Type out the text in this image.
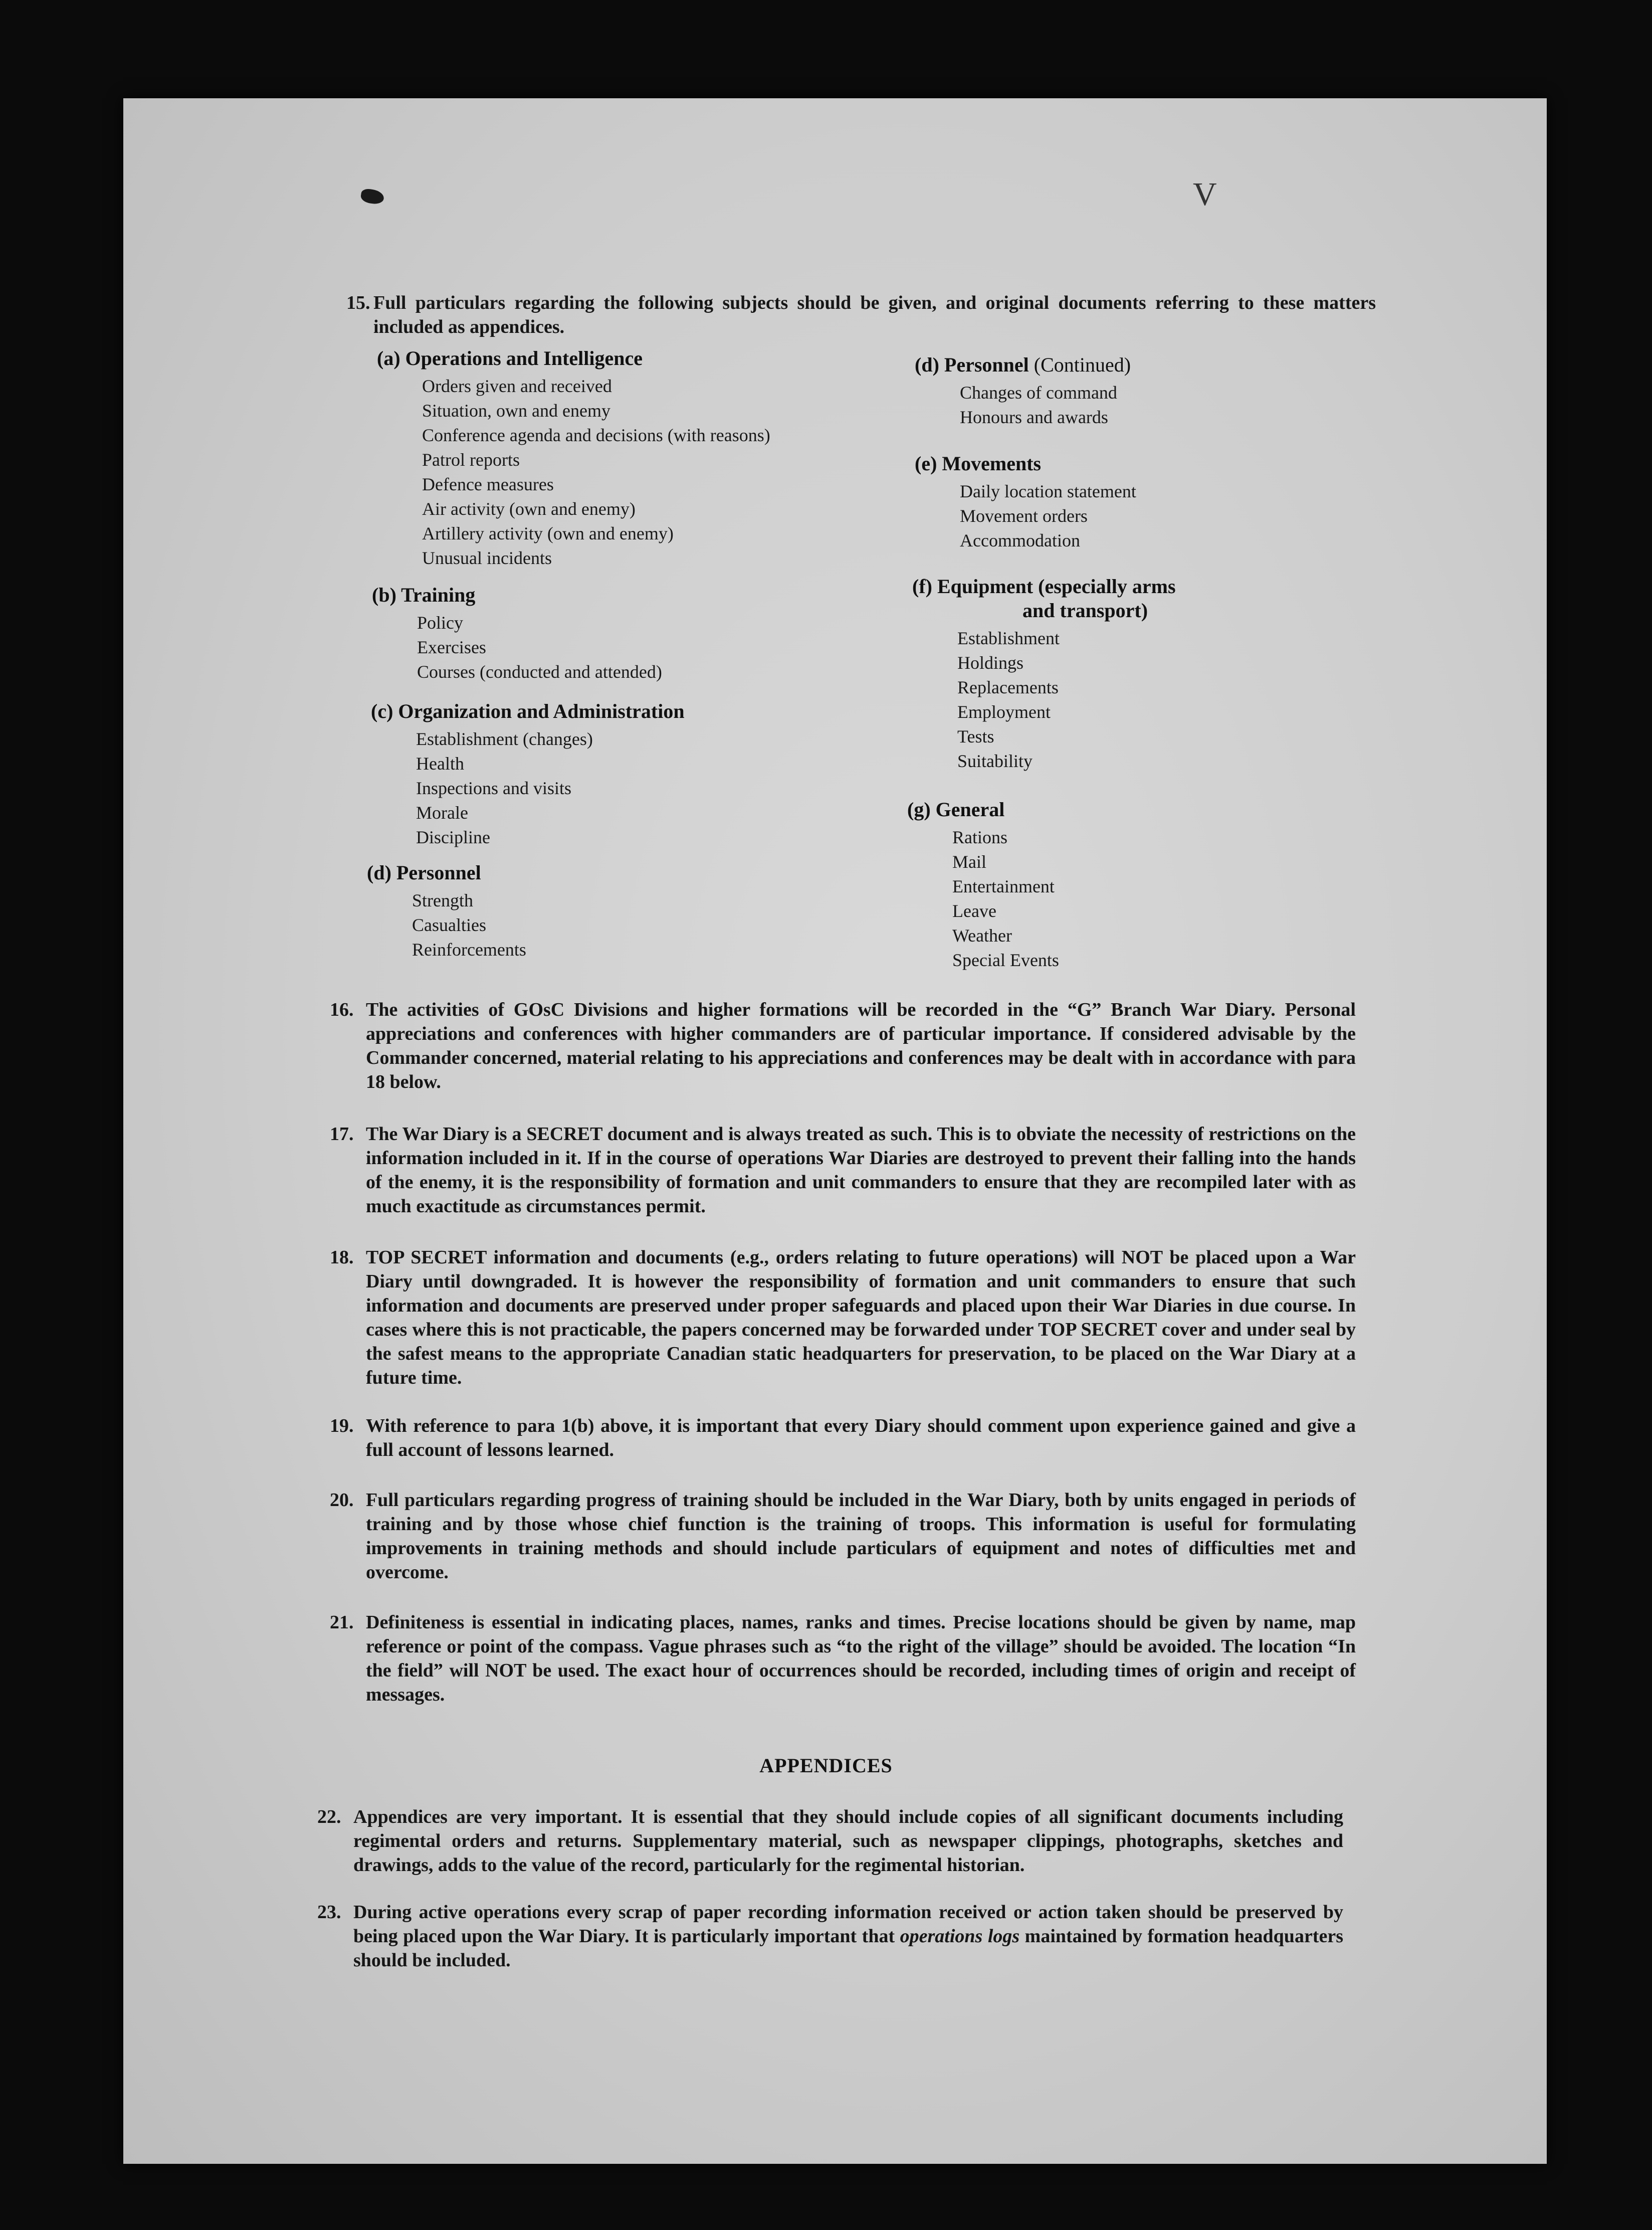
V
15. Full particulars regarding the following subjects should be given, and original documents referring to these matters included as appendices.
(a) Operations and Intelligence
Orders given and received
Situation, own and enemy
Conference agenda and decisions (with reasons)
Patrol reports
Defence measures
Air activity (own and enemy)
Artillery activity (own and enemy)
Unusual incidents
(b) Training
Policy
Exercises
Courses (conducted and attended)
(c) Organization and Administration
Establishment (changes)
Health
Inspections and visits
Morale
Discipline
(d) Personnel
Strength
Casualties
Reinforcements
(d) Personnel (Continued)
Changes of command
Honours and awards
(e) Movements
Daily location statement
Movement orders
Accommodation
(f) Equipment (especially arms
and transport)
Establishment
Holdings
Replacements
Employment
Tests
Suitability
(g) General
Rations
Mail
Entertainment
Leave
Weather
Special Events
16. The activities of GOsC Divisions and higher formations will be recorded in the “G” Branch War Diary. Personal appreciations and conferences with higher commanders are of particular importance. If considered advisable by the Commander concerned, material relating to his appreciations and conferences may be dealt with in accordance with para 18 below.
17. The War Diary is a SECRET document and is always treated as such. This is to obviate the necessity of restrictions on the information included in it. If in the course of operations War Diaries are destroyed to prevent their falling into the hands of the enemy, it is the responsibility of formation and unit commanders to ensure that they are recompiled later with as much exactitude as circumstances permit.
18. TOP SECRET information and documents (e.g., orders relating to future operations) will NOT be placed upon a War Diary until downgraded. It is however the responsibility of formation and unit commanders to ensure that such information and documents are preserved under proper safeguards and placed upon their War Diaries in due course. In cases where this is not practicable, the papers concerned may be forwarded under TOP SECRET cover and under seal by the safest means to the appropriate Canadian static headquarters for preservation, to be placed on the War Diary at a future time.
19. With reference to para 1(b) above, it is important that every Diary should comment upon experience gained and give a full account of lessons learned.
20. Full particulars regarding progress of training should be included in the War Diary, both by units engaged in periods of training and by those whose chief function is the training of troops. This information is useful for formulating improvements in training methods and should include particulars of equipment and notes of difficulties met and overcome.
21. Definiteness is essential in indicating places, names, ranks and times. Precise locations should be given by name, map reference or point of the compass. Vague phrases such as “to the right of the village” should be avoided. The location “In the field” will NOT be used. The exact hour of occurrences should be recorded, including times of origin and receipt of messages.
APPENDICES
22. Appendices are very important. It is essential that they should include copies of all significant documents including regimental orders and returns. Supplementary material, such as newspaper clippings, photographs, sketches and drawings, adds to the value of the record, particularly for the regimental historian.
23. During active operations every scrap of paper recording information received or action taken should be preserved by being placed upon the War Diary. It is particularly important that operations logs maintained by formation headquarters should be included.
